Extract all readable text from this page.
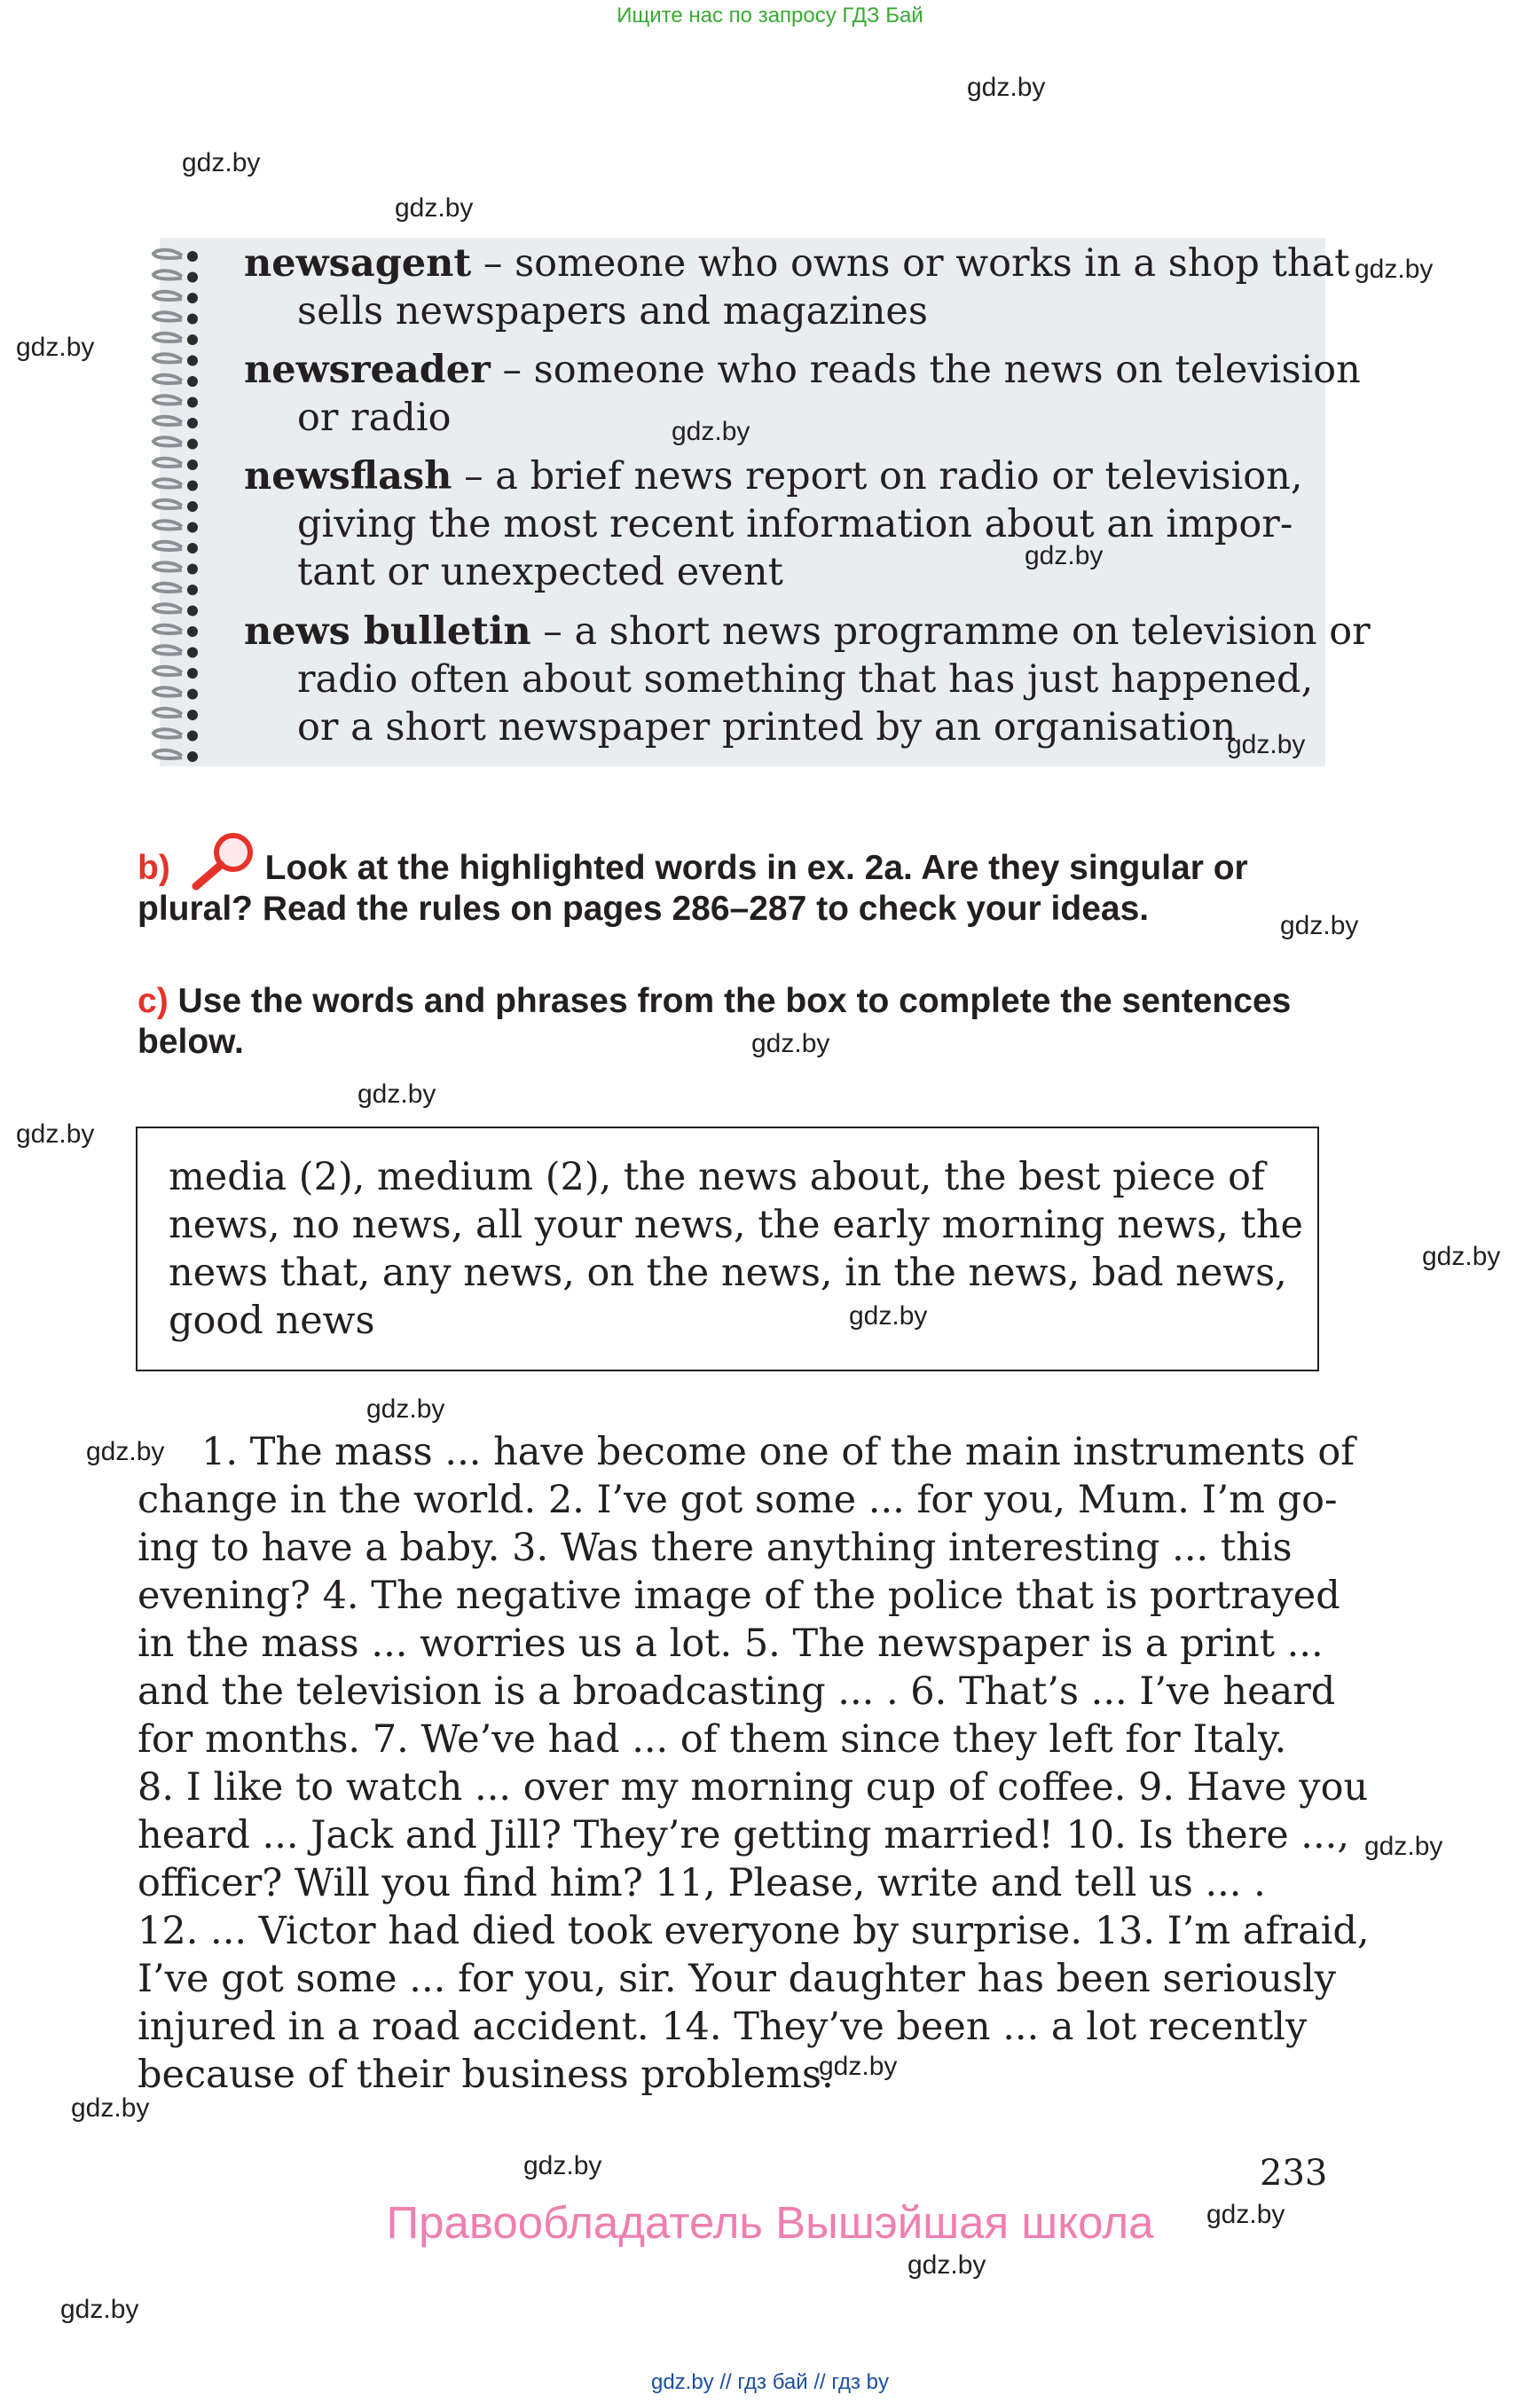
Ищите нас по запросу ГДЗ Бай
newsagent – someone who owns or works in a shop that
sells newspapers and magazines
newsreader – someone who reads the news on television
or radio
newsflash – a brief news report on radio or television,
giving the most recent information about an impor-
tant or unexpected event
news bulletin – a short news programme on television or
radio often about something that has just happened,
or a short newspaper printed by an organisation
b)	Look at the highlighted words in ex. 2a. Are they singular or
plural? Read the rules on pages 286–287 to check your ideas.
c) Use the words and phrases from the box to complete the sentences
below.
media (2), medium (2), the news about, the best piece of
news, no news, all your news, the early morning news, the
news that, any news, on the news, in the news, bad news,
good news
1. The mass ... have become one of the main instruments of
change in the world. 2. I’ve got some ... for you, Mum. I’m go-
ing to have a baby. 3. Was there anything interesting ... this
evening? 4. The negative image of the police that is portrayed
in the mass ... worries us a lot. 5. The newspaper is a print ...
and the television is a broadcasting ... . 6. That’s ... I’ve heard
for months. 7. We’ve had ... of them since they left for Italy.
8. I like to watch ... over my morning cup of coffee. 9. Have you
heard ... Jack and Jill? They’re getting married! 10. Is there ...,
officer? Will you find him? 11, Please, write and tell us ... .
12. ... Victor had died took everyone by surprise. 13. I’m afraid,
I’ve got some ... for you, sir. Your daughter has been seriously
injured in a road accident. 14. They’ve been ... a lot recently
because of their business problems.
233
Правообладатель Вышэйшая школа
gdz.by // гдз бай // гдз by
gdz.by
gdz.by
gdz.by
gdz.by
gdz.by
gdz.by
gdz.by
gdz.by
gdz.by
gdz.by
gdz.by
gdz.by
gdz.by
gdz.by
gdz.by
gdz.by
gdz.by
gdz.by
gdz.by
gdz.by
gdz.by
gdz.by
gdz.by
